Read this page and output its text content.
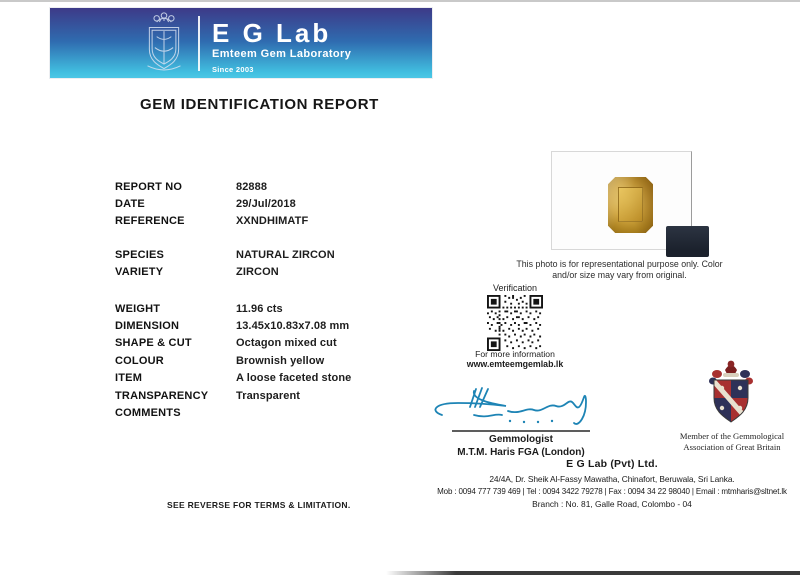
E G Lab
Emteem Gem Laboratory
Since 2003
GEM IDENTIFICATION REPORT
REPORT NO	82888
DATE	29/Jul/2018
REFERENCE	XXNDHIMATF
SPECIES	NATURAL ZIRCON
VARIETY	ZIRCON
WEIGHT	11.96 cts
DIMENSION	13.45x10.83x7.08 mm
SHAPE & CUT	Octagon mixed cut
COLOUR	Brownish yellow
ITEM	A loose faceted stone
TRANSPARENCY	Transparent
COMMENTS
SEE REVERSE FOR TERMS & LIMITATION.
This photo is for representational purpose only. Color and/or size may vary from original.
Verification
For more information
www.emteemgemlab.lk
Gemmologist
M.T.M. Haris FGA (London)
Member of the Gemmological
Association of Great Britain
E G Lab (Pvt) Ltd.
24/4A, Dr. Sheik Al-Fassy Mawatha, Chinafort, Beruwala, Sri Lanka.
Mob : 0094 777 739 469 | Tel : 0094 3422 79278 | Fax : 0094 34 22 98040 | Email : mtmharis@sltnet.lk
Branch : No. 81, Galle Road, Colombo - 04
